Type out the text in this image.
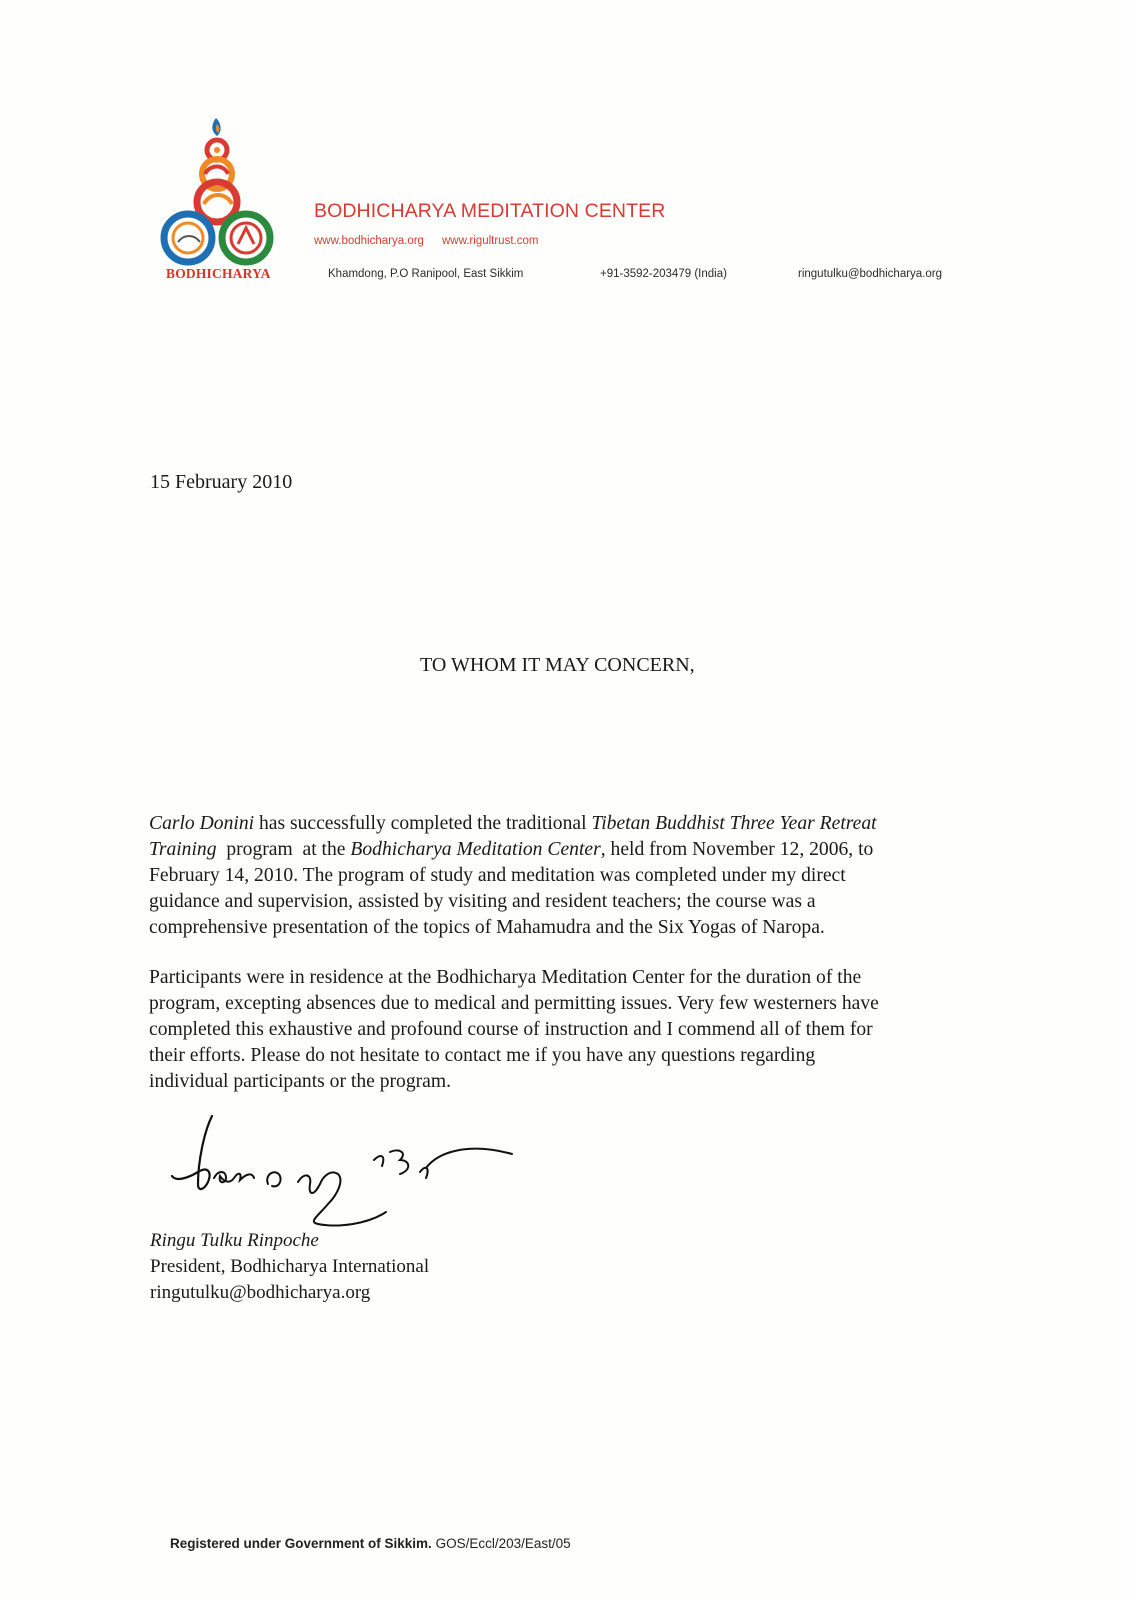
BODHICHARYA
BODHICHARYA MEDITATION CENTER
www.bodhicharya.org www.rigultrust.com
Khamdong, P.O Ranipool, East Sikkim	+91-3592-203479 (India)	ringutulku@bodhicharya.org
15 February 2010
TO WHOM IT MAY CONCERN,
Carlo Donini has successfully completed the traditional Tibetan Buddhist Three Year Retreat
Training  program  at the Bodhicharya Meditation Center, held from November 12, 2006, to
February 14, 2010. The program of study and meditation was completed under my direct
guidance and supervision, assisted by visiting and resident teachers; the course was a
comprehensive presentation of the topics of Mahamudra and the Six Yogas of Naropa.
Participants were in residence at the Bodhicharya Meditation Center for the duration of the
program, excepting absences due to medical and permitting issues. Very few westerners have
completed this exhaustive and profound course of instruction and I commend all of them for
their efforts. Please do not hesitate to contact me if you have any questions regarding
individual participants or the program.
Ringu Tulku Rinpoche
President, Bodhicharya International
ringutulku@bodhicharya.org
Registered under Government of Sikkim. GOS/Eccl/203/East/05
